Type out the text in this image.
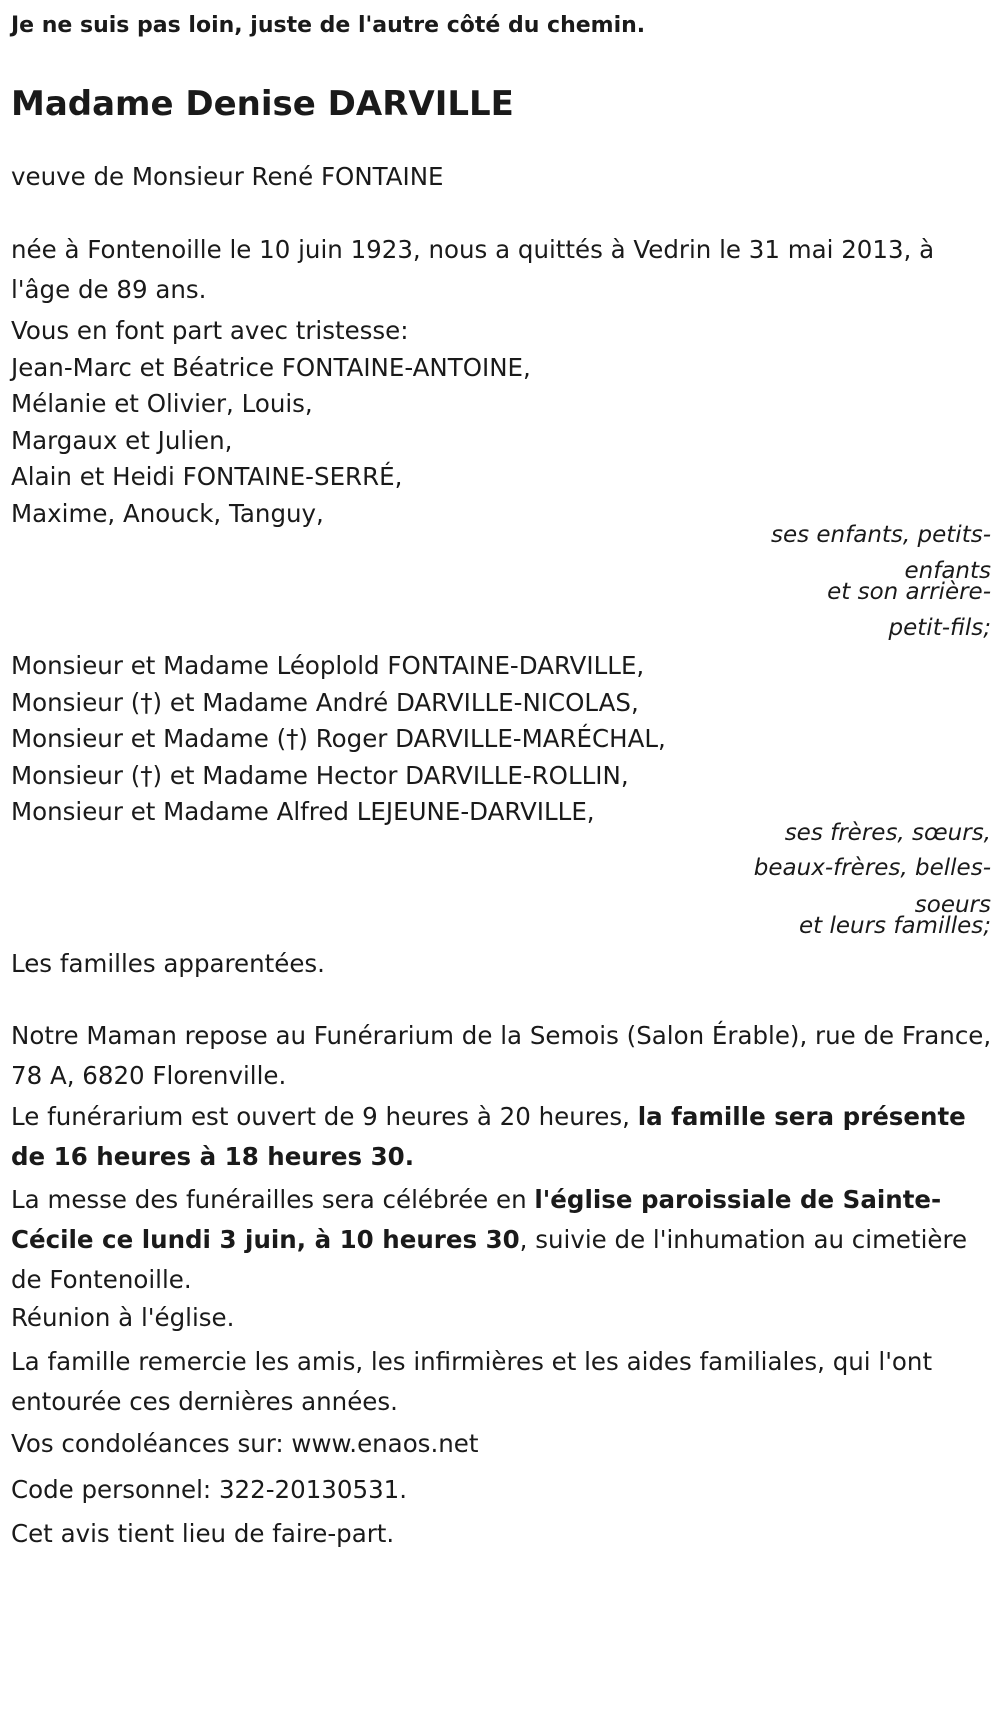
Je ne suis pas loin, juste de l'autre côté du chemin.
Madame Denise DARVILLE
veuve de Monsieur René FONTAINE
née à Fontenoille le 10 juin 1923, nous a quittés à Vedrin le 31 mai 2013, à l'âge de 89 ans.
Vous en font part avec tristesse:
Jean-Marc et Béatrice FONTAINE-ANTOINE,
Mélanie et Olivier, Louis,
Margaux et Julien,
Alain et Heidi FONTAINE-SERRÉ,
Maxime, Anouck, Tanguy,
ses enfants, petits-
enfants
et son arrière-
petit-fils;
Monsieur et Madame Léoplold FONTAINE-DARVILLE,
Monsieur (†) et Madame André DARVILLE-NICOLAS,
Monsieur et Madame (†) Roger DARVILLE-MARÉCHAL,
Monsieur (†) et Madame Hector DARVILLE-ROLLIN,
Monsieur et Madame Alfred LEJEUNE-DARVILLE,
ses frères, sœurs,
beaux-frères, belles-
soeurs
et leurs familles;
Les familles apparentées.
Notre Maman repose au Funérarium de la Semois (Salon Érable), rue de France, 78 A, 6820 Florenville.
Le funérarium est ouvert de 9 heures à 20 heures, la famille sera présente de 16 heures à 18 heures 30.
La messe des funérailles sera célébrée en l'église paroissiale de Sainte-Cécile ce lundi 3 juin, à 10 heures 30, suivie de l'inhumation au cimetière de Fontenoille.
Réunion à l'église.
La famille remercie les amis, les infirmières et les aides familiales, qui l'ont entourée ces dernières années.
Vos condoléances sur: www.enaos.net
Code personnel: 322-20130531.
Cet avis tient lieu de faire-part.
